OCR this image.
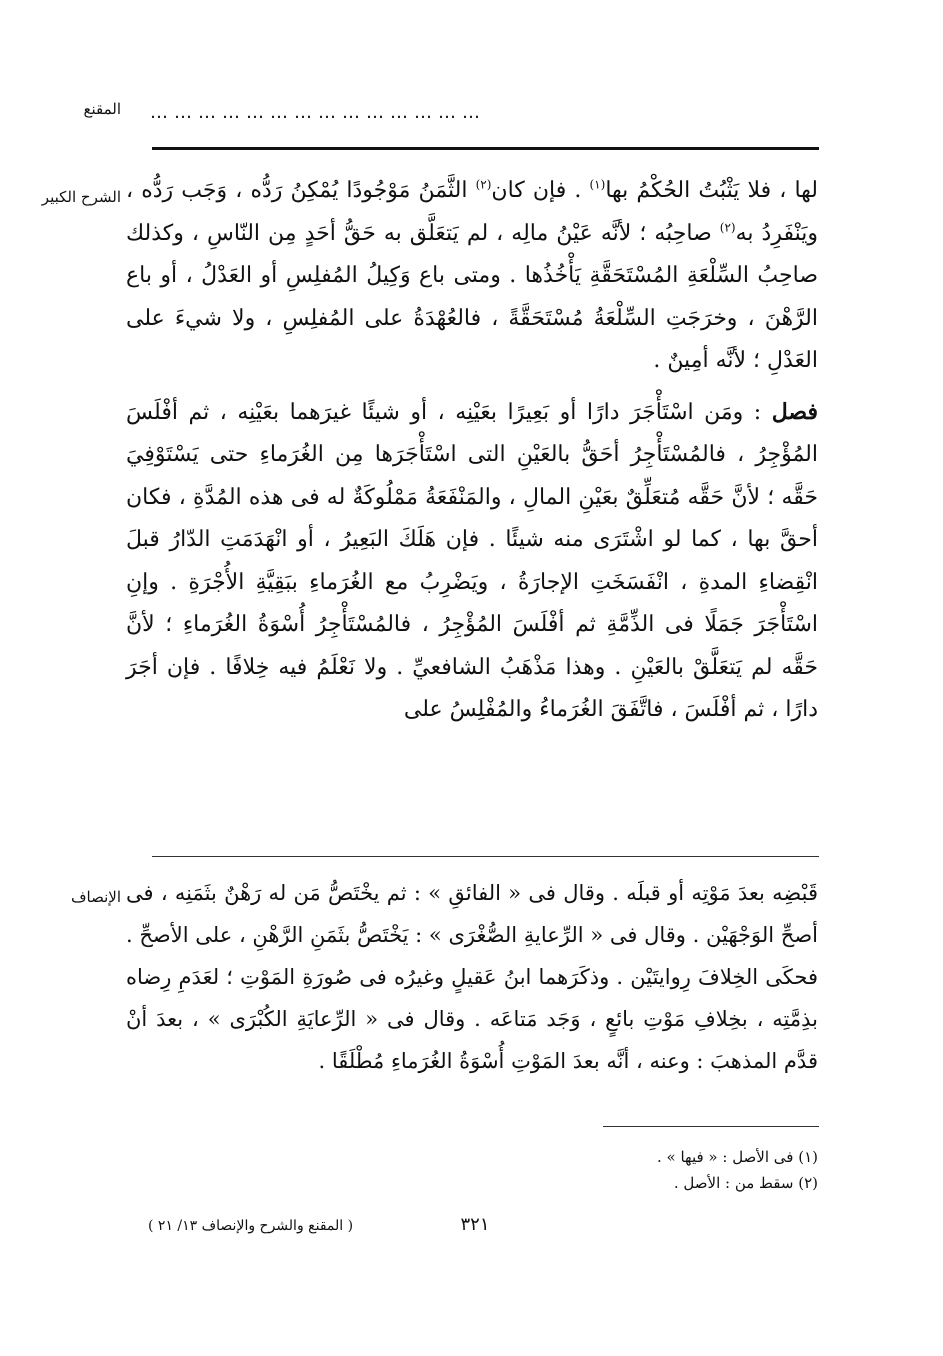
المقنع ……………………………………
الشرح الكبير	لها ، فلا يَثْبُتُ الحُكْمُ بها$^{(١)}$ . فإن كان$^{(٢)}$ الثَّمَنُ مَوْجُودًا يُمْكِنُ رَدُّه ، وَجَب رَدُّه ، ويَنْفَرِدُ به$^{(٢)}$ صاحِبُه ؛ لأنَّه عَيْنُ مالِه ، لم يَتعَلَّق به حَقُّ أحَدٍ مِن النّاسِ ، وكذلك صاحِبُ السِّلْعَةِ المُسْتَحَقَّةِ يَأْخُذُها . ومتى باع وَكِيلُ المُفلِسِ أو العَدْلُ ، أو باع الرَّهْنَ ، وخرَجَتِ السِّلْعَةُ مُسْتَحَقَّةً ، فالعُهْدَةُ على المُفلِسِ ، ولا شيءَ على العَدْلِ ؛ لأنَّه أمِينٌ .

فصل : ومَن اسْتَأْجَرَ دارًا أو بَعِيرًا بعَيْنِه ، أو شيئًا غيرَهما بعَيْنِه ، ثم أفْلَسَ المُؤْجِرُ ، فالمُسْتَأْجِرُ أحَقُّ بالعَيْنِ التى اسْتَأْجَرَها مِن الغُرَماءِ حتى يَسْتَوْفِيَ حَقَّه ؛ لأنَّ حَقَّه مُتعَلِّقٌ بعَيْنِ المالِ ، والمَنْفَعَةُ مَمْلُوكَةٌ له فى هذه المُدَّةِ ، فكان أحقَّ بها ، كما لو اشْتَرَى منه شيئًا . فإن هَلَكَ البَعِيرُ ، أو انْهَدَمَتِ الدّارُ قبلَ انْقِضاءِ المدةِ ، انْفَسَخَتِ الإجارَةُ ، ويَضْرِبُ مع الغُرَماءِ ببَقِيَّةِ الأُجْرَةِ . وإنِ اسْتَأْجَرَ جَمَلًا فى الذِّمَّةِ ثم أفْلَسَ المُؤْجِرُ ، فالمُسْتَأْجِرُ أُسْوَةُ الغُرَماءِ ؛ لأنَّ حَقَّه لم يَتعَلَّقْ بالعَيْنِ . وهذا مَذْهَبُ الشافعيِّ . ولا نَعْلَمُ فيه خِلافًا . فإن أجَرَ دارًا ، ثم أفْلَسَ ، فاتَّفَقَ الغُرَماءُ والمُفْلِسُ على

الإنصاف قَبْضِه بعدَ مَوْتِه أو قبلَه . وقال فى « الفائقِ » : ثم يخْتَصُّ مَن له رَهْنٌ بثَمَنِه ، فى أصحِّ الوَجْهَيْن . وقال فى « الرِّعايةِ الصُّغْرَى » : يَخْتَصُّ بثَمَنِ الرَّهْنِ ، على الأصحِّ . فحكَى الخِلافَ رِوايتَيْن . وذكَرَهما ابنُ عَقيلٍ وغيرُه فى صُورَةِ المَوْتِ ؛ لعَدَمِ رِضاه بذِمَّتِه ، بخِلافِ مَوْتِ بائعٍ ، وَجَد مَتاعَه . وقال فى « الرِّعايَةِ الكُبْرَى » ، بعدَ أنْ قدَّم المذهبَ : وعنه ، أنَّه بعدَ المَوْتِ أُسْوَةُ الغُرَماءِ مُطْلَقًا .

(١) فى الأصل : « فيها » .
(٢) سقط من : الأصل .
٣٢١
( المقنع والشرح والإنصاف ١٣/ ٢١ )
